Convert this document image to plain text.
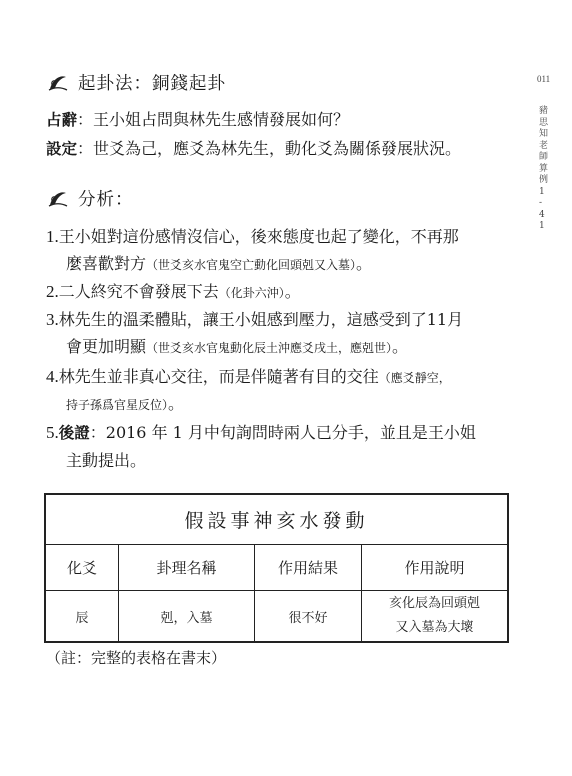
011
豬思知老師算例 1 - 41
起卦法：銅錢起卦
占辭：王小姐占問與林先生感情發展如何？
設定：世爻為己，應爻為林先生，動化爻為關係發展狀況。
分析：
1.王小姐對這份感情沒信心，後來態度也起了變化，不再那
麼喜歡對方（世爻亥水官鬼空亡動化回頭剋又入墓）。
2.二人終究不會發展下去（化卦六沖）。
3.林先生的溫柔體貼，讓王小姐感到壓力，這感受到了11月
會更加明顯（世爻亥水官鬼動化辰土沖應爻戌土，應剋世）。
4.林先生並非真心交往，而是伴隨著有目的交往（應爻靜空，
持子孫爲官星反位）。
5.後證：2016 年 1 月中旬詢問時兩人已分手，並且是王小姐
主動提出。
假設事神亥水發動			
化爻	卦理名稱	作用結果	作用說明
辰	剋，入墓	很不好	亥化辰為回頭剋
又入墓為大壞
（註：完整的表格在書末）
